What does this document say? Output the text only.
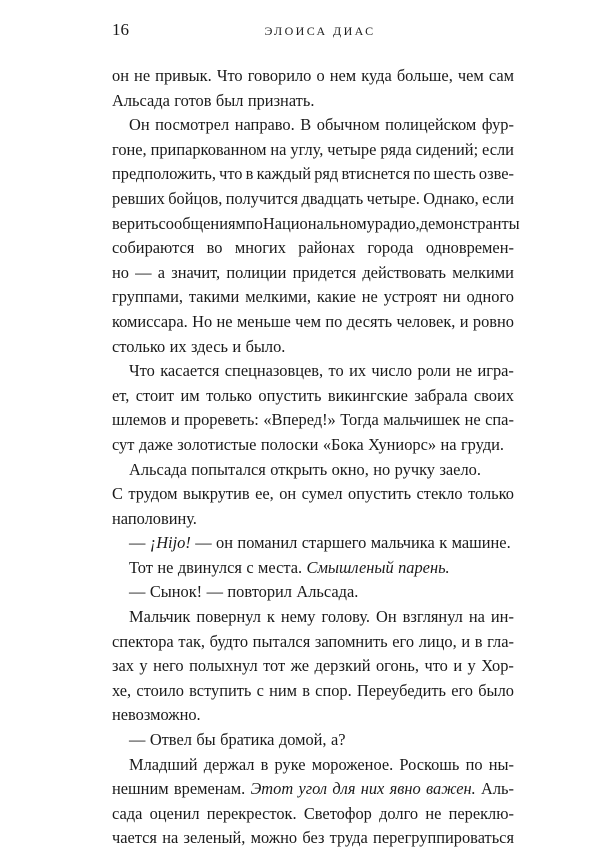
16	ЭЛОИСА ДИАС
он не привык. Что говорило о нем куда больше, чем сам
Альсада готов был признать.
Он посмотрел направо. В обычном полицейском фур-
гоне, припаркованном на углу, четыре ряда сидений; если
предположить, что в каждый ряд втиснется по шесть озве-
ревших бойцов, получится двадцать четыре. Однако, если
верить сообщениям по Национальному радио, демонстранты
собираются во многих районах города одновремен-
но — а значит, полиции придется действовать мелкими
группами, такими мелкими, какие не устроят ни одного
комиссара. Но не меньше чем по десять человек, и ровно
столько их здесь и было.
Что касается спецназовцев, то их число роли не игра-
ет, стоит им только опустить викингские забрала своих
шлемов и прореветь: «Вперед!» Тогда мальчишек не спа-
сут даже золотистые полоски «Бока Хуниорс» на груди.
Альсада попытался открыть окно, но ручку заело.
С трудом выкрутив ее, он сумел опустить стекло только
наполовину.
— ¡Hijo! — он поманил старшего мальчика к машине.
Тот не двинулся с места. Смышленый парень.
— Сынок! — повторил Альсада.
Мальчик повернул к нему голову. Он взглянул на ин-
спектора так, будто пытался запомнить его лицо, и в гла-
зах у него полыхнул тот же дерзкий огонь, что и у Хор-
хе, стоило вступить с ним в спор. Переубедить его было
невозможно.
— Отвел бы братика домой, а?
Младший держал в руке мороженое. Роскошь по ны-
нешним временам. Этот угол для них явно важен. Аль-
сада оценил перекресток. Светофор долго не переклю-
чается на зеленый, можно без труда перегруппироваться
